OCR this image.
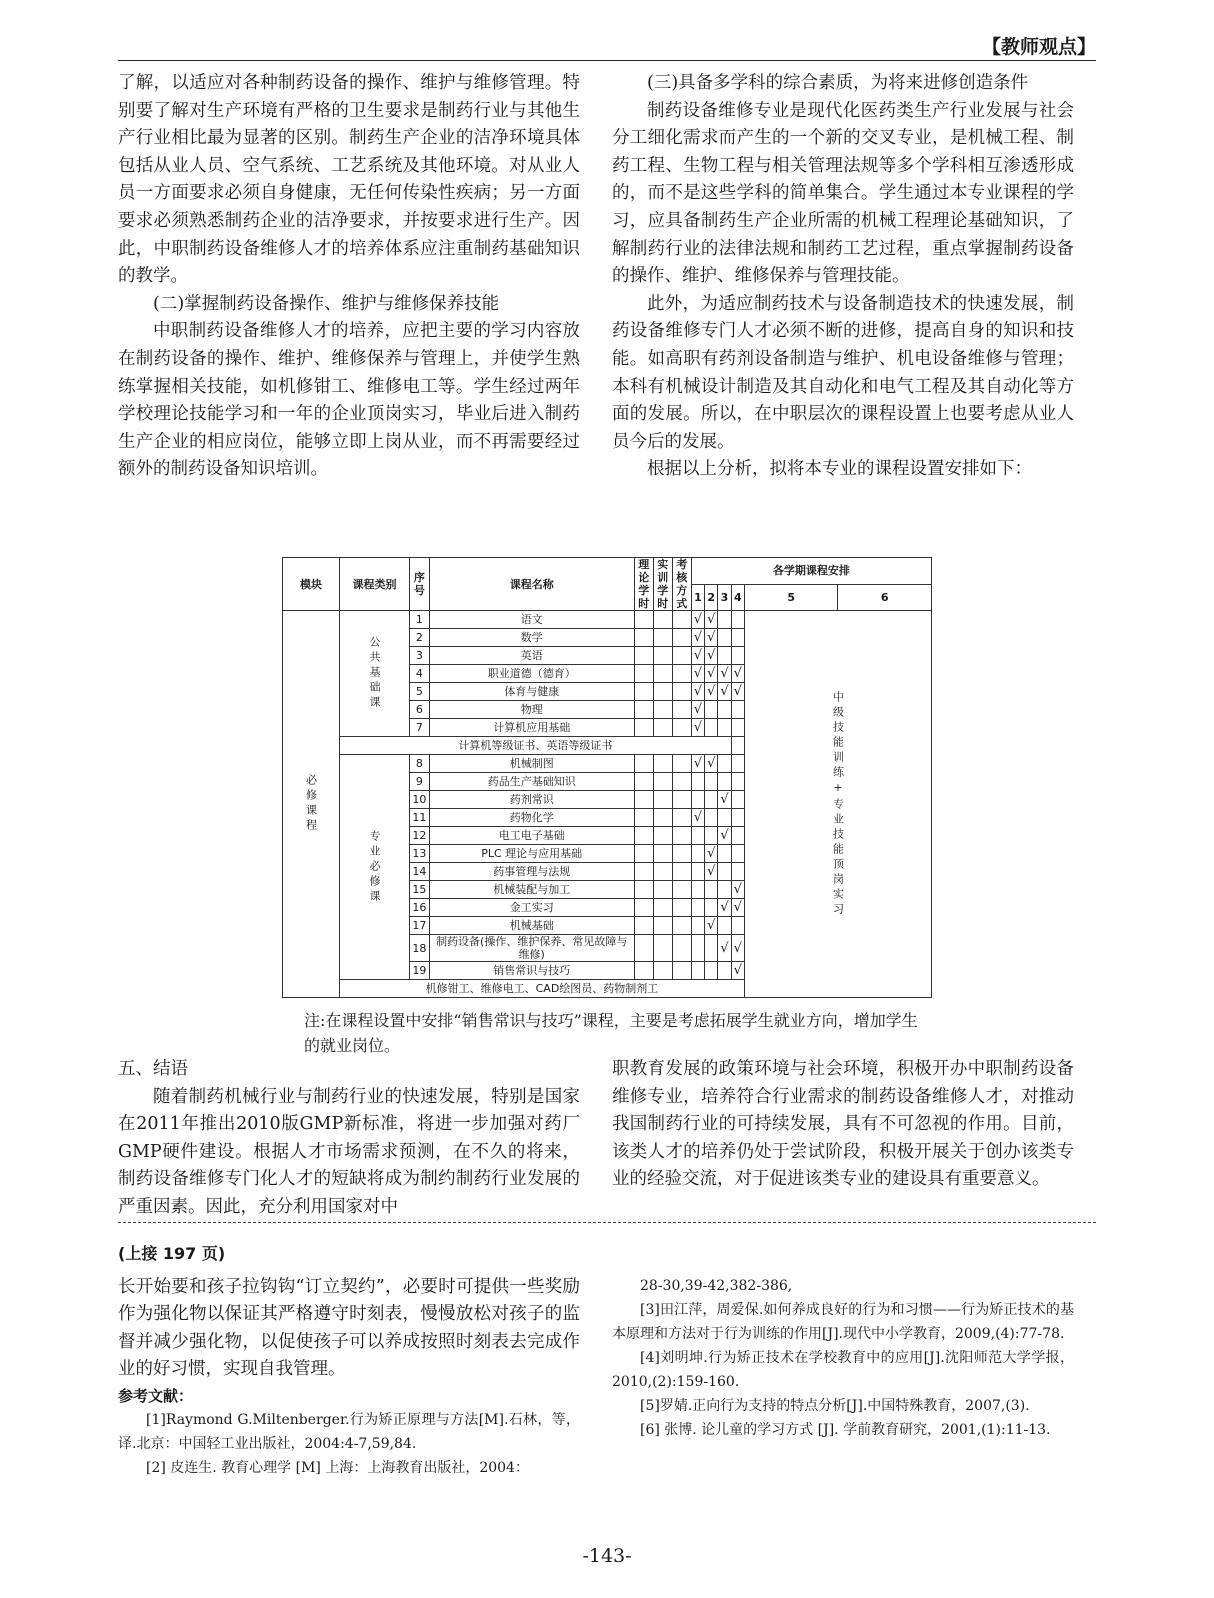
【教师观点】

了解，以适应对各种制药设备的操作、维护与维修管理。特别要了解对生产环境有严格的卫生要求是制药行业与其他生产行业相比最为显著的区别。制药生产企业的洁净环境具体包括从业人员、空气系统、工艺系统及其他环境。对从业人员一方面要求必须自身健康，无任何传染性疾病；另一方面要求必须熟悉制药企业的洁净要求，并按要求进行生产。因此，中职制药设备维修人才的培养体系应注重制药基础知识的教学。

(二)掌握制药设备操作、维护与维修保养技能

中职制药设备维修人才的培养，应把主要的学习内容放在制药设备的操作、维护、维修保养与管理上，并使学生熟练掌握相关技能，如机修钳工、维修电工等。学生经过两年学校理论技能学习和一年的企业顶岗实习，毕业后进入制药生产企业的相应岗位，能够立即上岗从业，而不再需要经过额外的制药设备知识培训。

(三)具备多学科的综合素质，为将来进修创造条件

制药设备维修专业是现代化医药类生产行业发展与社会分工细化需求而产生的一个新的交叉专业，是机械工程、制药工程、生物工程与相关管理法规等多个学科相互渗透形成的，而不是这些学科的简单集合。学生通过本专业课程的学习，应具备制药生产企业所需的机械工程理论基础知识，了解制药行业的法律法规和制药工艺过程，重点掌握制药设备的操作、维护、维修保养与管理技能。

此外，为适应制药技术与设备制造技术的快速发展，制药设备维修专门人才必须不断的进修，提高自身的知识和技能。如高职有药剂设备制造与维护、机电设备维修与管理；本科有机械设计制造及其自动化和电气工程及其自动化等方面的发展。所以，在中职层次的课程设置上也要考虑从业人员今后的发展。

根据以上分析，拟将本专业的课程设置安排如下：

模块	课程类别	序号	课程名称	理论学时	实训学时	考核方式	各学期课程安排					
							1	2	3	4	5	6
必修课程	公共基础课	1	语文				√	√			中级技能训练+专业技能顶岗实习	
		2	数学				√	√				
		3	英语				√	√				
		4	职业道德（德育）				√	√	√	√		
		5	体育与健康				√	√	√	√		
		6	物理				√					
		7	计算机应用基础				√					
	计算机等级证书、英语等级证书											
	专业必修课	8	机械制图				√	√				
		9	药品生产基础知识									
		10	药剂常识						√			
		11	药物化学				√					
		12	电工电子基础						√			
		13	PLC 理论与应用基础					√				
		14	药事管理与法规					√				
		15	机械装配与加工							√		
		16	金工实习						√	√		
		17	机械基础					√				
		18	制药设备(操作、维护保养、常见故障与维修)						√	√		
		19	销售常识与技巧							√		
	机修钳工、维修电工、CAD绘图员、药物制剂工											
注:在课程设置中安排“销售常识与技巧”课程，主要是考虑拓展学生就业方向，增加学生的就业岗位。
五、结语

随着制药机械行业与制药行业的快速发展，特别是国家在2011年推出2010版GMP新标准，将进一步加强对药厂GMP硬件建设。根据人才市场需求预测，在不久的将来，制药设备维修专门化人才的短缺将成为制约制药行业发展的严重因素。因此，充分利用国家对中

职教育发展的政策环境与社会环境，积极开办中职制药设备维修专业，培养符合行业需求的制药设备维修人才，对推动我国制药行业的可持续发展，具有不可忽视的作用。目前，该类人才的培养仍处于尝试阶段，积极开展关于创办该类专业的经验交流，对于促进该类专业的建设具有重要意义。

(上接 197 页)

长开始要和孩子拉钩钩“订立契约”，必要时可提供一些奖励作为强化物以保证其严格遵守时刻表，慢慢放松对孩子的监督并减少强化物，以促使孩子可以养成按照时刻表去完成作业的好习惯，实现自我管理。

参考文献：

[1]Raymond G.Miltenberger.行为矫正原理与方法[M].石林，等，译.北京：中国轻工业出版社，2004:4-7,59,84.

[2] 皮连生. 教育心理学 [M] 上海：上海教育出版社，2004：

28-30,39-42,382-386,

[3]田江萍，周爱保.如何养成良好的行为和习惯——行为矫正技术的基本原理和方法对于行为训练的作用[J].现代中小学教育，2009,(4):77-78.

[4]刘明坤.行为矫正技术在学校教育中的应用[J].沈阳师范大学学报，2010,(2):159-160.

[5]罗婧.正向行为支持的特点分析[J].中国特殊教育，2007,(3).

[6] 张博. 论儿童的学习方式 [J]. 学前教育研究，2001,(1):11-13.

-143-
